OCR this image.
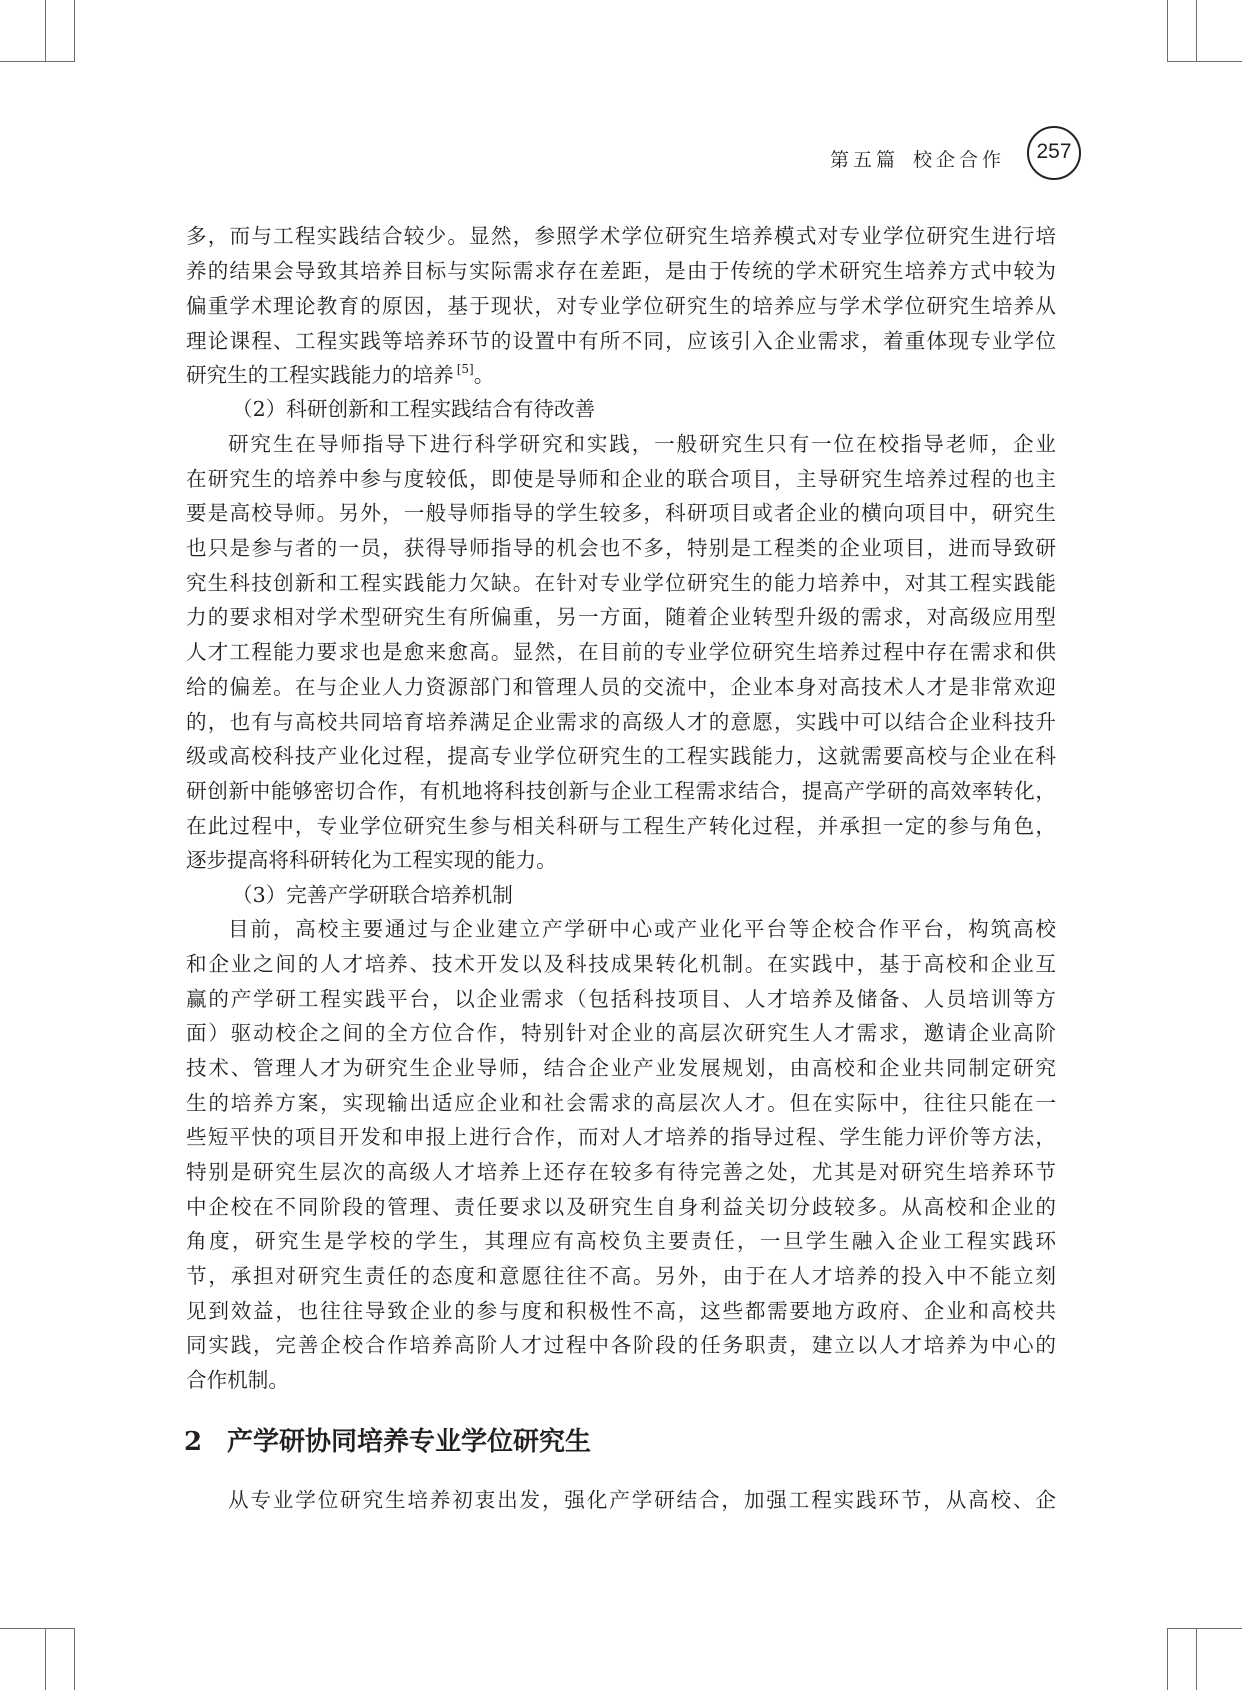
第五篇 校企合作	257
多，而与工程实践结合较少。显然，参照学术学位研究生培养模式对专业学位研究生进行培
养的结果会导致其培养目标与实际需求存在差距，是由于传统的学术研究生培养方式中较为
偏重学术理论教育的原因，基于现状，对专业学位研究生的培养应与学术学位研究生培养从
理论课程、工程实践等培养环节的设置中有所不同，应该引入企业需求，着重体现专业学位
研究生的工程实践能力的培养 [5]。
（2）科研创新和工程实践结合有待改善
研究生在导师指导下进行科学研究和实践，一般研究生只有一位在校指导老师，企业
在研究生的培养中参与度较低，即使是导师和企业的联合项目，主导研究生培养过程的也主
要是高校导师。另外，一般导师指导的学生较多，科研项目或者企业的横向项目中，研究生
也只是参与者的一员，获得导师指导的机会也不多，特别是工程类的企业项目，进而导致研
究生科技创新和工程实践能力欠缺。在针对专业学位研究生的能力培养中，对其工程实践能
力的要求相对学术型研究生有所偏重，另一方面，随着企业转型升级的需求，对高级应用型
人才工程能力要求也是愈来愈高。显然，在目前的专业学位研究生培养过程中存在需求和供
给的偏差。在与企业人力资源部门和管理人员的交流中，企业本身对高技术人才是非常欢迎
的，也有与高校共同培育培养满足企业需求的高级人才的意愿，实践中可以结合企业科技升
级或高校科技产业化过程，提高专业学位研究生的工程实践能力，这就需要高校与企业在科
研创新中能够密切合作，有机地将科技创新与企业工程需求结合，提高产学研的高效率转化，
在此过程中，专业学位研究生参与相关科研与工程生产转化过程，并承担一定的参与角色，
逐步提高将科研转化为工程实现的能力。
（3）完善产学研联合培养机制
目前，高校主要通过与企业建立产学研中心或产业化平台等企校合作平台，构筑高校
和企业之间的人才培养、技术开发以及科技成果转化机制。在实践中，基于高校和企业互
赢的产学研工程实践平台，以企业需求（包括科技项目、人才培养及储备、人员培训等方
面）驱动校企之间的全方位合作，特别针对企业的高层次研究生人才需求，邀请企业高阶
技术、管理人才为研究生企业导师，结合企业产业发展规划，由高校和企业共同制定研究
生的培养方案，实现输出适应企业和社会需求的高层次人才。但在实际中，往往只能在一
些短平快的项目开发和申报上进行合作，而对人才培养的指导过程、学生能力评价等方法，
特别是研究生层次的高级人才培养上还存在较多有待完善之处，尤其是对研究生培养环节
中企校在不同阶段的管理、责任要求以及研究生自身利益关切分歧较多。从高校和企业的
角度，研究生是学校的学生，其理应有高校负主要责任，一旦学生融入企业工程实践环
节，承担对研究生责任的态度和意愿往往不高。另外，由于在人才培养的投入中不能立刻
见到效益，也往往导致企业的参与度和积极性不高，这些都需要地方政府、企业和高校共
同实践，完善企校合作培养高阶人才过程中各阶段的任务职责，建立以人才培养为中心的
合作机制。
2 产学研协同培养专业学位研究生
从专业学位研究生培养初衷出发，强化产学研结合，加强工程实践环节，从高校、企
